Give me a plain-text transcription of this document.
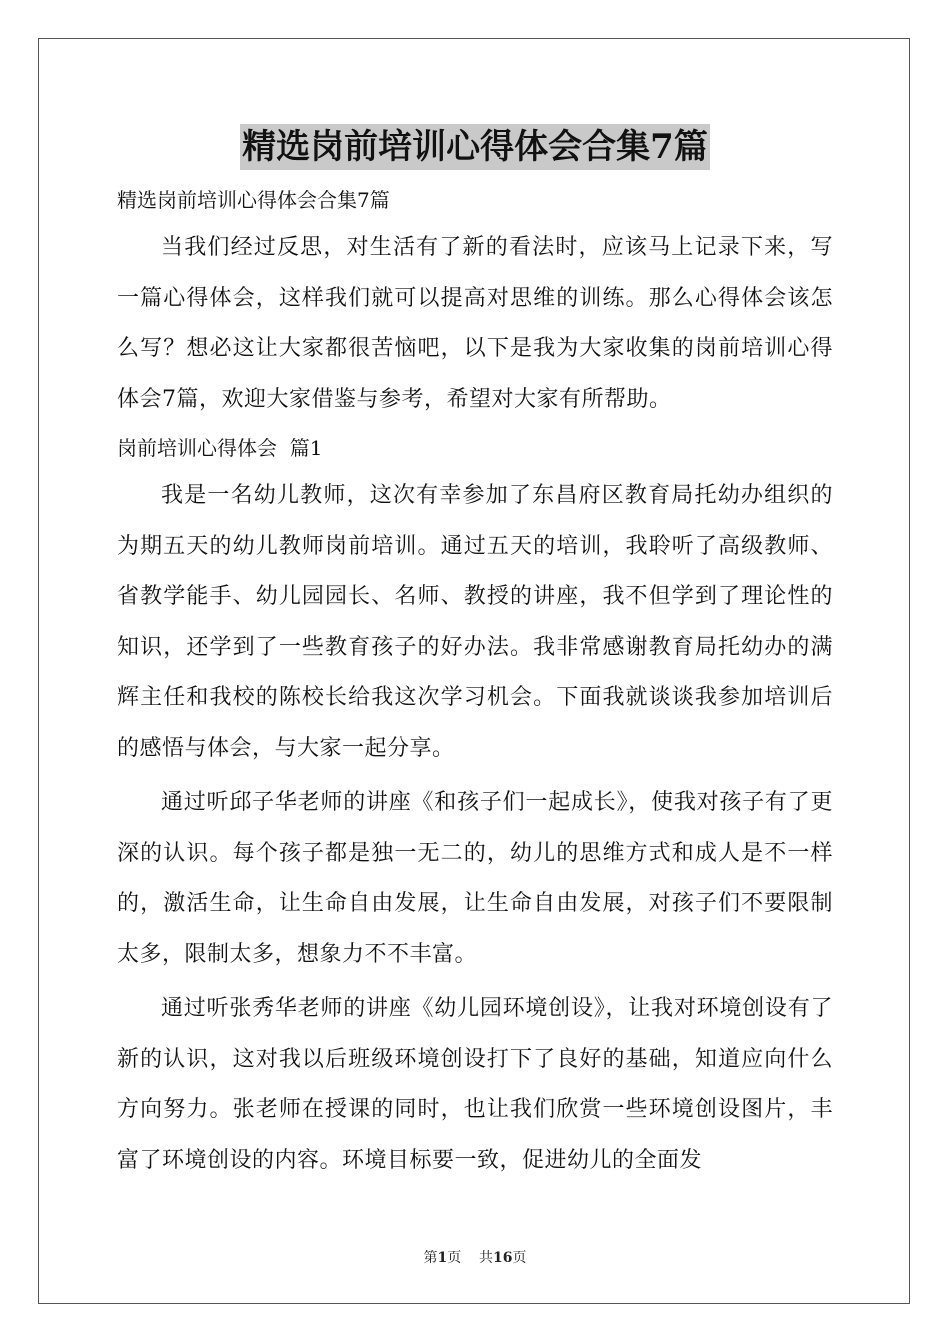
精选岗前培训心得体会合集7篇

精选岗前培训心得体会合集7篇

当我们经过反思，对生活有了新的看法时，应该马上记录下来，写一篇心得体会，这样我们就可以提高对思维的训练。那么心得体会该怎么写？想必这让大家都很苦恼吧，以下是我为大家收集的岗前培训心得体会7篇，欢迎大家借鉴与参考，希望对大家有所帮助。

岗前培训心得体会  篇1

我是一名幼儿教师，这次有幸参加了东昌府区教育局托幼办组织的为期五天的幼儿教师岗前培训。通过五天的培训，我聆听了高级教师、省教学能手、幼儿园园长、名师、教授的讲座，我不但学到了理论性的知识，还学到了一些教育孩子的好办法。我非常感谢教育局托幼办的满辉主任和我校的陈校长给我这次学习机会。下面我就谈谈我参加培训后的感悟与体会，与大家一起分享。

通过听邱子华老师的讲座《和孩子们一起成长》，使我对孩子有了更深的认识。每个孩子都是独一无二的，幼儿的思维方式和成人是不一样的，激活生命，让生命自由发展，让生命自由发展，对孩子们不要限制太多，限制太多，想象力不不丰富。

通过听张秀华老师的讲座《幼儿园环境创设》，让我对环境创设有了新的认识，这对我以后班级环境创设打下了良好的基础，知道应向什么方向努力。张老师在授课的同时，也让我们欣赏一些环境创设图片，丰富了环境创设的内容。环境目标要一致，促进幼儿的全面发

第1页 共16页
